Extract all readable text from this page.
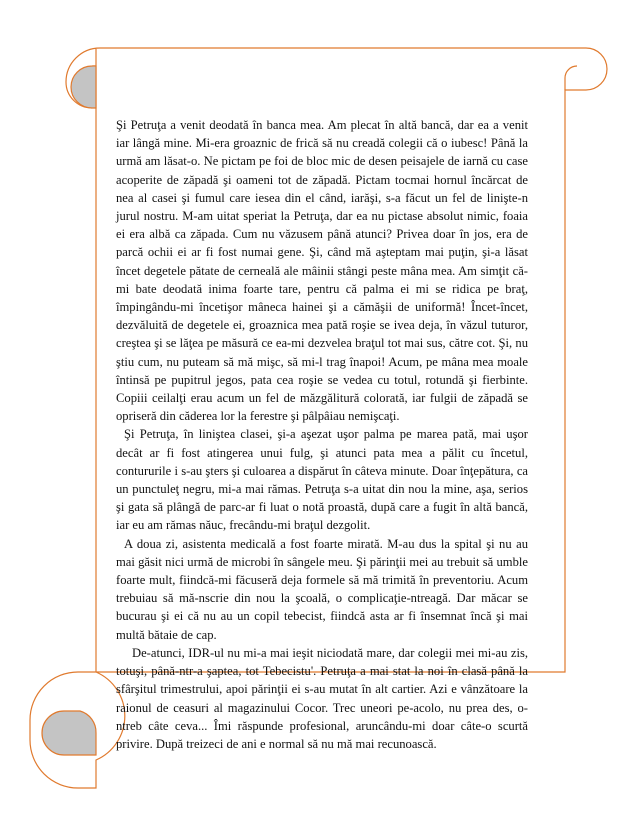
Şi Petruţa a venit deodată în banca mea. Am plecat în altă bancă, dar ea a venit iar lângă mine. Mi-era groaznic de frică să nu creadă colegii că o iubesc! Până la urmă am lăsat-o. Ne pictam pe foi de bloc mic de desen peisajele de iarnă cu case acoperite de zăpadă şi oameni tot de zăpadă. Pictam tocmai hornul încărcat de nea al casei şi fumul care iesea din el când, iarăşi, s-a făcut un fel de linişte-n jurul nostru. M-am uitat speriat la Petruţa, dar ea nu pictase absolut nimic, foaia ei era albă ca zăpada. Cum nu văzusem până atunci? Privea doar în jos, era de parcă ochii ei ar fi fost numai gene. Şi, când mă aşteptam mai puţin, şi-a lăsat încet degetele pătate de cerneală ale mâinii stângi peste mâna mea. Am simţit că-mi bate deodată inima foarte tare, pentru că palma ei mi se ridica pe braţ, împingându-mi încetişor mâneca hainei şi a cămăşii de uniformă! Încet-încet, dezvăluită de degetele ei, groaznica mea pată roşie se ivea deja, în văzul tuturor, creştea şi se lăţea pe măsură ce ea-mi dezvelea braţul tot mai sus, către cot. Şi, nu ştiu cum, nu puteam să mă mişc, să mi-l trag înapoi! Acum, pe mâna mea moale întinsă pe pupitrul jegos, pata cea roşie se vedea cu totul, rotundă şi fierbinte. Copiii ceilalţi erau acum un fel de măzgălitură colorată, iar fulgii de zăpadă se opriseră din căderea lor la ferestre şi pâlpâiau nemişcaţi.

Şi Petruţa, în liniştea clasei, şi-a aşezat uşor palma pe marea pată, mai uşor decât ar fi fost atingerea unui fulg, şi atunci pata mea a pălit cu încetul, contururile i s-au şters şi culoarea a dispărut în câteva minute. Doar înţepătura, ca un punctuleţ negru, mi-a mai rămas. Petruţa s-a uitat din nou la mine, aşa, serios şi gata să plângă de parc-ar fi luat o notă proastă, după care a fugit în altă bancă, iar eu am rămas năuc, frecându-mi braţul dezgolit.

A doua zi, asistenta medicală a fost foarte mirată. M-au dus la spital şi nu au mai găsit nici urmă de microbi în sângele meu. Şi părinţii mei au trebuit să umble foarte mult, fiindcă-mi făcuseră deja formele să mă trimită în preventoriu. Acum trebuiau să mă-nscrie din nou la şcoală, o complicaţie-ntreagă. Dar măcar se bucurau şi ei că nu au un copil tebecist, fiindcă asta ar fi însemnat încă şi mai multă bătaie de cap.

De-atunci, IDR-ul nu mi-a mai ieşit niciodată mare, dar colegii mei mi-au zis, totuşi, până-ntr-a şaptea, tot Tebecistu'. Petruţa a mai stat la noi în clasă până la sfârşitul trimestrului, apoi părinţii ei s-au mutat în alt cartier. Azi e vânzătoare la raionul de ceasuri al magazinului Cocor. Trec uneori pe-acolo, nu prea des, o-ntreb câte ceva... Îmi răspunde profesional, aruncându-mi doar câte-o scurtă privire. După treizeci de ani e normal să nu mă mai recunoască.
